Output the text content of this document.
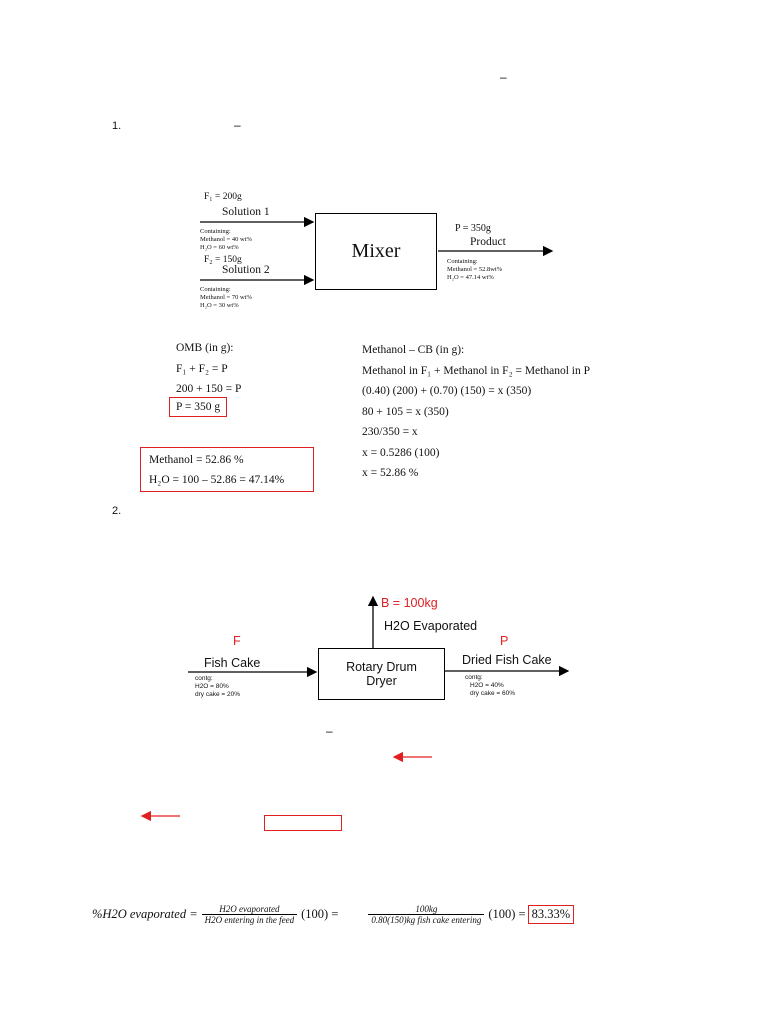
–
1.	–
F₁ = 200g
Solution 1
Containing:
Methanol = 40 wt%
H₂O = 60 wt%
F₂ = 150g
Solution 2
Containing:
Methanol = 70 wt%
H₂O = 30 wt%
Mixer
P = 350g
Product
Containing:
Methanol = 52.8wt%
H₂O = 47.14 wt%
OMB (in g):
F₁ + F₂ = P
200 + 150 = P
P = 350 g
Methanol = 52.86 %
H₂O = 100 – 52.86 = 47.14%
Methanol – CB (in g):
Methanol in F₁ + Methanol in F₂ = Methanol in P
(0.40) (200) + (0.70) (150) = x (350)
80 + 105 = x (350)
230/350 = x
x = 0.5286 (100)
x = 52.86 %
2.
B = 100kg
H2O Evaporated
F	P
Fish Cake
contg:
H2O = 80%
dry cake = 20%
Rotary Drum
Dryer
Dried Fish Cake
contg:
H2O = 40%
dry cake = 60%
–
%H2O evaporated = $\frac{\text{H2O evaporated}}{\text{H2O entering in the feed}} (100)$ =	$\frac{100kg}{\text{0.80(150)kg fish cake entering}} (100) = 83.33\%$
